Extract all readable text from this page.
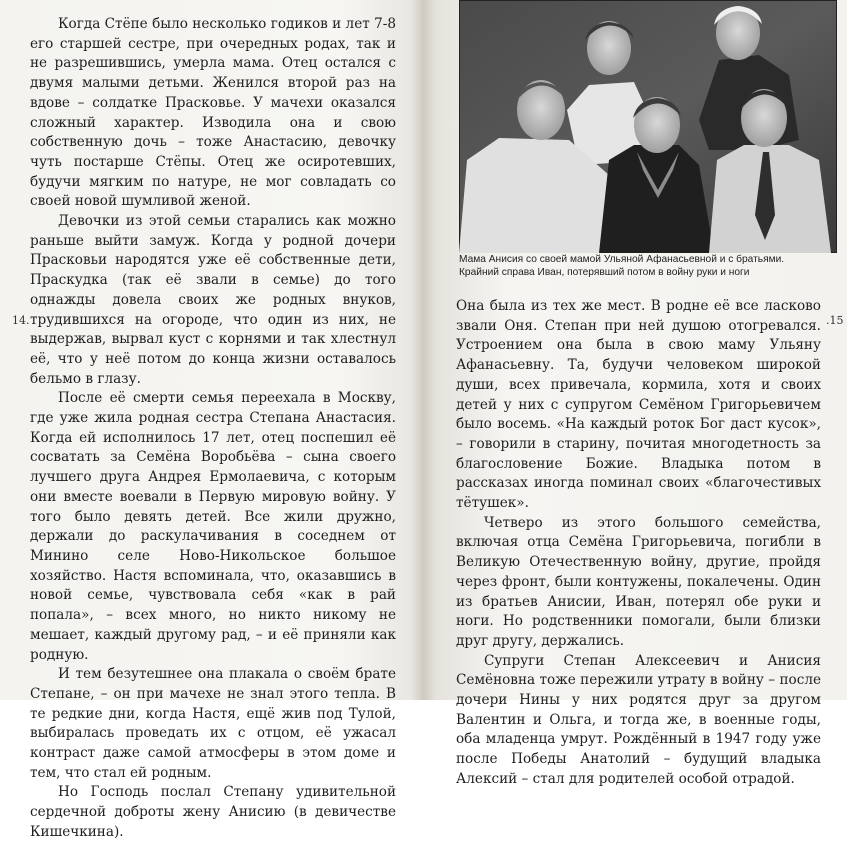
14.

Когда Стёпе было несколько годиков и лет 7-8 его старшей сестре, при очередных родах, так и не разрешившись, умерла мама. Отец остался с двумя малыми детьми. Женился второй раз на вдове – солдатке Прасковье. У мачехи оказался сложный характер. Изводила она и свою собственную дочь – тоже Анастасию, девочку чуть постарше Стёпы. Отец же осиротевших, будучи мягким по натуре, не мог совладать со своей новой шумливой женой.

Девочки из этой семьи старались как можно раньше выйти замуж. Когда у родной дочери Прасковьи народятся уже её собственные дети, Праскудка (так её звали в семье) до того однажды довела своих же родных внуков, трудившихся на огороде, что один из них, не выдержав, вырвал куст с корнями и так хлестнул её, что у неё потом до конца жизни оставалось бельмо в глазу.

После её смерти семья переехала в Москву, где уже жила родная сестра Степана Анастасия. Когда ей исполнилось 17 лет, отец поспешил её сосватать за Семёна Воробьёва – сына своего лучшего друга Андрея Ермолаевича, с которым они вместе воевали в Первую мировую войну. У того было девять детей. Все жили дружно, держали до раскулачивания в соседнем от Минино селе Ново-Никольское большое хозяйство. Настя вспоминала, что, оказавшись в новой семье, чувствовала себя «как в рай попала», – всех много, но никто никому не мешает, каждый другому рад, – и её приняли как родную.

И тем безутешнее она плакала о своём брате Степане, – он при мачехе не знал этого тепла. В те редкие дни, когда Настя, ещё жив под Тулой, выбиралась проведать их с отцом, её ужасал контраст даже самой атмосферы в этом доме и тем, что стал ей родным.

Но Господь послал Степану удивительной сердечной доброты жену Анисию (в девичестве Кишечкина).

Мама Анисия со своей мамой Ульяной Афанасьевной и с братьями.
Крайний справа Иван, потерявший потом в войну руки и ноги
.15

Она была из тех же мест. В родне её все ласково звали Оня. Степан при ней душою отогревался. Устроением она была в свою маму Ульяну Афанасьевну. Та, будучи человеком широкой души, всех привечала, кормила, хотя и своих детей у них с супругом Семёном Григорьевичем было восемь. «На каждый роток Бог даст кусок», – говорили в старину, почитая многодетность за благословение Божие. Владыка потом в рассказах иногда поминал своих «благочестивых тётушек».

Четверо из этого большого семейства, включая отца Семёна Григорьевича, погибли в Великую Отечественную войну, другие, пройдя через фронт, были контужены, покалечены. Один из братьев Анисии, Иван, потерял обе руки и ноги. Но родственники помогали, были близки друг другу, держались.

Супруги Степан Алексеевич и Анисия Семёновна тоже пережили утрату в войну – после дочери Нины у них родятся друг за другом Валентин и Ольга, и тогда же, в военные годы, оба младенца умрут. Рождённый в 1947 году уже после Победы Анатолий – будущий владыка Алексий – стал для родителей особой отрадой.
